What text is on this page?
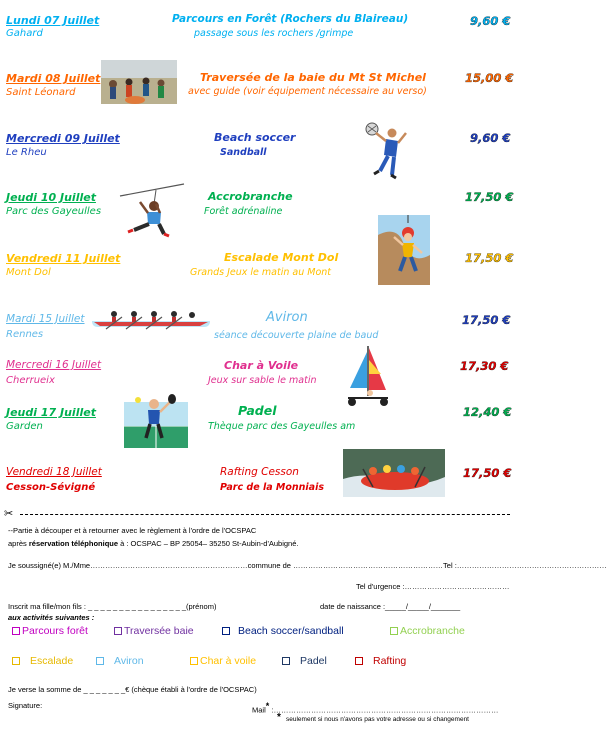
Lundi 07 Juillet
Gahard
Parcours en Forêt (Rochers du Blaireau)
passage sous les rochers /grimpe
9,60 €
Mardi 08 Juillet
Saint Léonard
Traversée de la baie du Mt St Michel
avec guide (voir équipement nécessaire au verso)
15,00 €
Mercredi 09 Juillet
Le Rheu
Beach soccer
Sandball
9,60 €
Jeudi 10 Juillet
Parc des Gayeulles
Accrobranche
Forêt adrénaline
17,50 €
Vendredi 11 Juillet
Mont Dol
Escalade Mont Dol
Grands Jeux le matin au Mont
17,50 €
Mardi 15 Juillet
Rennes
Aviron
séance découverte plaine de baud
17,50 €
Mercredi 16 Juillet
Cherrueix
Char à Voile
Jeux sur sable le matin
17,30 €
Jeudi 17 Juillet
Garden
Padel
Thèque parc des Gayeulles am
12,40 €
Vendredi 18 Juillet
Cesson-Sévigné
Rafting Cesson
Parc de la Monniais
17,50 €
✂
--Partie à découper et à retourner avec le règlement à l'ordre de l'OCSPAC
après réservation téléphonique à : OCSPAC – BP 25054– 35250 St-Aubin-d'Aubigné.
Je soussigné(e) M./Mme………………………………………………………commune de ……………………………………………………Tel :……………………………………………………
Tel d'urgence :……………………………………
Inscrit ma fille/mon fils : _ _ _ _ _ _ _ _ _ _ _ _ _ _ _ _(prénom)	date de naissance :_____/_____/_______
aux activités suivantes :
Parcours forêt	Traversée baie	Beach soccer/sandball	Accrobranche
Escalade	Aviron	Char à voile	Padel	Rafting
Je verse la somme de _ _ _ _ _ _ _€ (chèque établi à l'ordre de l'OCSPAC)
Signature:	Mail* :………………………………………………………………………………
* seulement si nous n'avons pas votre adresse ou si changement
